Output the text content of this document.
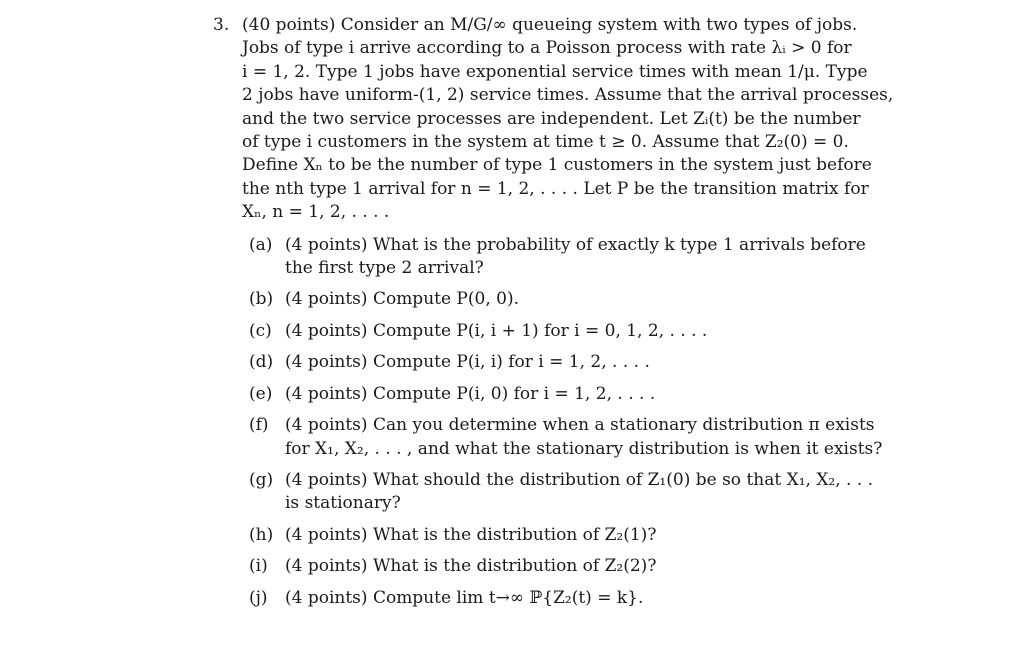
3. (40 points) Consider an M/G/∞ queueing system with two types of jobs.
Jobs of type i arrive according to a Poisson process with rate λᵢ > 0 for
i = 1, 2. Type 1 jobs have exponential service times with mean 1/μ. Type
2 jobs have uniform-(1, 2) service times. Assume that the arrival processes,
and the two service processes are independent. Let Zᵢ(t) be the number
of type i customers in the system at time t ≥ 0. Assume that Z₂(0) = 0.
Define Xₙ to be the number of type 1 customers in the system just before
the nth type 1 arrival for n = 1, 2, . . . . Let P be the transition matrix for
Xₙ, n = 1, 2, . . . .
(a) (4 points) What is the probability of exactly k type 1 arrivals before
the first type 2 arrival?
(b) (4 points) Compute P(0, 0).
(c) (4 points) Compute P(i, i + 1) for i = 0, 1, 2, . . . .
(d) (4 points) Compute P(i, i) for i = 1, 2, . . . .
(e) (4 points) Compute P(i, 0) for i = 1, 2, . . . .
(f) (4 points) Can you determine when a stationary distribution π exists
for X₁, X₂, . . . , and what the stationary distribution is when it exists?
(g) (4 points) What should the distribution of Z₁(0) be so that X₁, X₂, . . .
is stationary?
(h) (4 points) What is the distribution of Z₂(1)?
(i) (4 points) What is the distribution of Z₂(2)?
(j) (4 points) Compute lim t→∞ ℙ{Z₂(t) = k}.
